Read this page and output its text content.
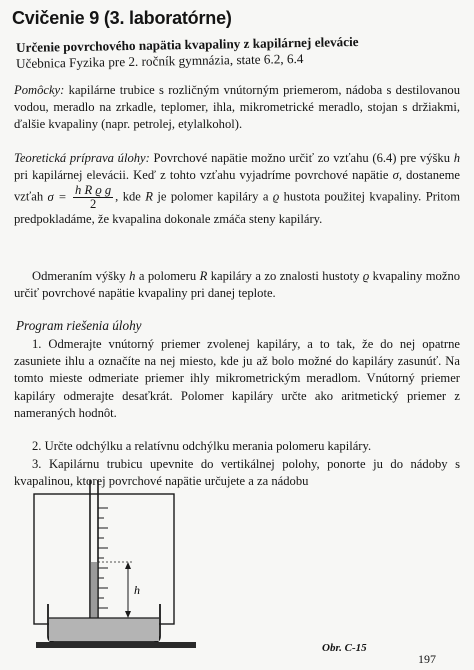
Cvičenie 9 (3. laboratórne)
Určenie povrchového napätia kvapaliny z kapilárnej elevácie
Učebnica Fyzika pre 2. ročník gymnázia, state 6.2, 6.4
Pomôcky: kapilárne trubice s rozličným vnútorným priemerom, nádoba s destilovanou vodou, meradlo na zrkadle, teplomer, ihla, mikrometrické meradlo, stojan s držiakmi, ďalšie kvapaliny (napr. petrolej, etylalkohol).
Teoretická príprava úlohy: Povrchové napätie možno určiť zo vzťahu (6.4) pre výšku h pri kapilárnej elevácii. Keď z tohto vzťahu vyjadríme povrchové napätie σ, dostaneme vzťah $\sigma = \frac{\text{h R ϱ g}}{2}$ , kde R je polomer kapiláry a ϱ hustota použitej kvapaliny. Pritom predpokladáme, že kvapalina dokonale zmáča steny kapiláry.
Odmeraním výšky h a polomeru R kapiláry a zo znalosti hustoty ϱ kvapaliny možno určiť povrchové napätie kvapaliny pri danej teplote.
Program riešenia úlohy
1. Odmerajte vnútorný priemer zvolenej kapiláry, a to tak, že do nej opatrne zasuniete ihlu a označíte na nej miesto, kde ju až bolo možné do kapiláry zasunúť. Na tomto mieste odmeriate priemer ihly mikrometrickým meradlom. Vnútorný priemer kapiláry odmerajte desaťkrát. Polomer kapiláry určte ako aritmetický priemer z nameraných hodnôt.
2. Určte odchýlku a relatívnu odchýlku merania polomeru kapiláry.
3. Kapilárnu trubicu upevnite do vertikálnej polohy, ponorte ju do nádoby s kvapalinou, ktorej povrchové napätie určujete a za nádobu
h
Obr. C-15
197
